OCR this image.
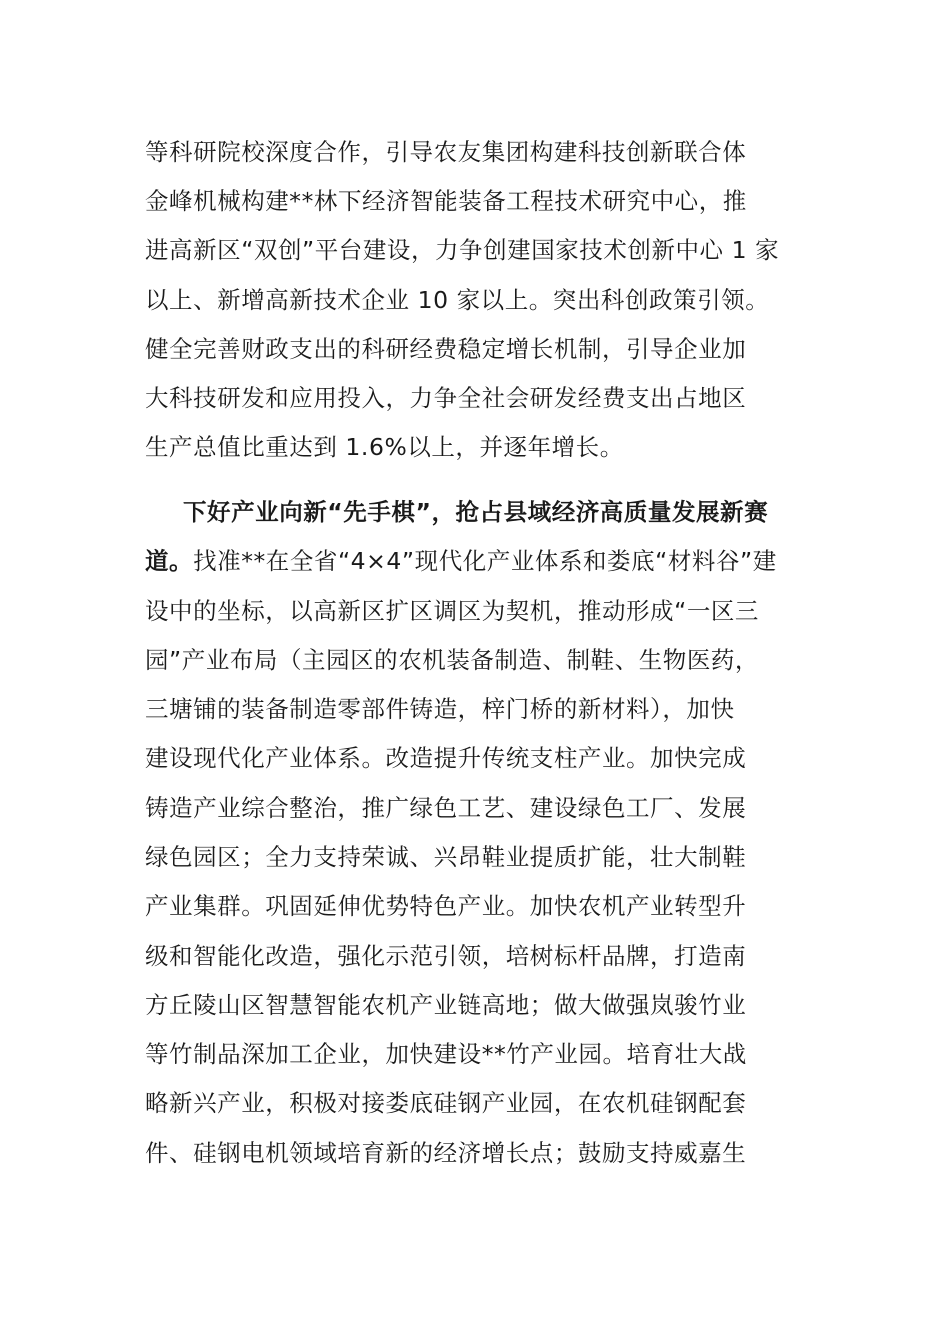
等科研院校深度合作，引导农友集团构建科技创新联合体
金峰机械构建**林下经济智能装备工程技术研究中心，推
进高新区“双创”平台建设，力争创建国家技术创新中心 1 家
以上、新增高新技术企业 10 家以上。突出科创政策引领。
健全完善财政支出的科研经费稳定增长机制，引导企业加
大科技研发和应用投入，力争全社会研发经费支出占地区
生产总值比重达到 1.6%以上，并逐年增长。
下好产业向新“先手棋”，抢占县域经济高质量发展新赛
道。找准**在全省“4×4”现代化产业体系和娄底“材料谷”建
设中的坐标，以高新区扩区调区为契机，推动形成“一区三
园”产业布局（主园区的农机装备制造、制鞋、生物医药，
三塘铺的装备制造零部件铸造，梓门桥的新材料），加快
建设现代化产业体系。改造提升传统支柱产业。加快完成
铸造产业综合整治，推广绿色工艺、建设绿色工厂、发展
绿色园区；全力支持荣诚、兴昂鞋业提质扩能，壮大制鞋
产业集群。巩固延伸优势特色产业。加快农机产业转型升
级和智能化改造，强化示范引领，培树标杆品牌，打造南
方丘陵山区智慧智能农机产业链高地；做大做强岚骏竹业
等竹制品深加工企业，加快建设**竹产业园。培育壮大战
略新兴产业，积极对接娄底硅钢产业园，在农机硅钢配套
件、硅钢电机领域培育新的经济增长点；鼓励支持威嘉生
